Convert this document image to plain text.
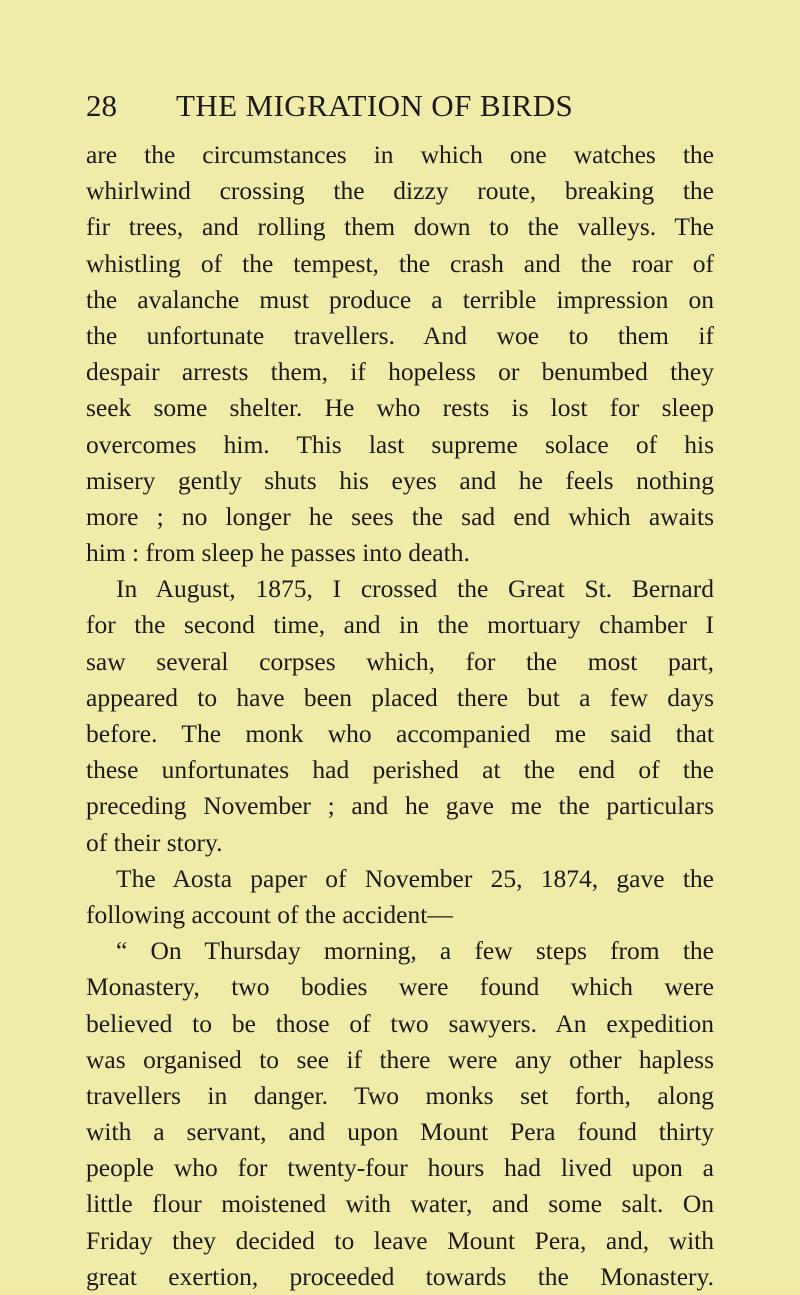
28 THE MIGRATION OF BIRDS
are the circumstances in which one watches the
whirlwind crossing the dizzy route, breaking the
fir trees, and rolling them down to the valleys. The
whistling of the tempest, the crash and the roar of
the avalanche must produce a terrible impression on
the unfortunate travellers. And woe to them if
despair arrests them, if hopeless or benumbed they
seek some shelter. He who rests is lost for sleep
overcomes him. This last supreme solace of his
misery gently shuts his eyes and he feels nothing
more ; no longer he sees the sad end which awaits
him : from sleep he passes into death.
In August, 1875, I crossed the Great St. Bernard
for the second time, and in the mortuary chamber I
saw several corpses which, for the most part,
appeared to have been placed there but a few days
before. The monk who accompanied me said that
these unfortunates had perished at the end of the
preceding November ; and he gave me the particulars
of their story.
The Aosta paper of November 25, 1874, gave the
following account of the accident—
“ On Thursday morning, a few steps from the
Monastery, two bodies were found which were
believed to be those of two sawyers. An expedition
was organised to see if there were any other hapless
travellers in danger. Two monks set forth, along
with a servant, and upon Mount Pera found thirty
people who for twenty-four hours had lived upon a
little flour moistened with water, and some salt. On
Friday they decided to leave Mount Pera, and, with
great exertion, proceeded towards the Monastery.
